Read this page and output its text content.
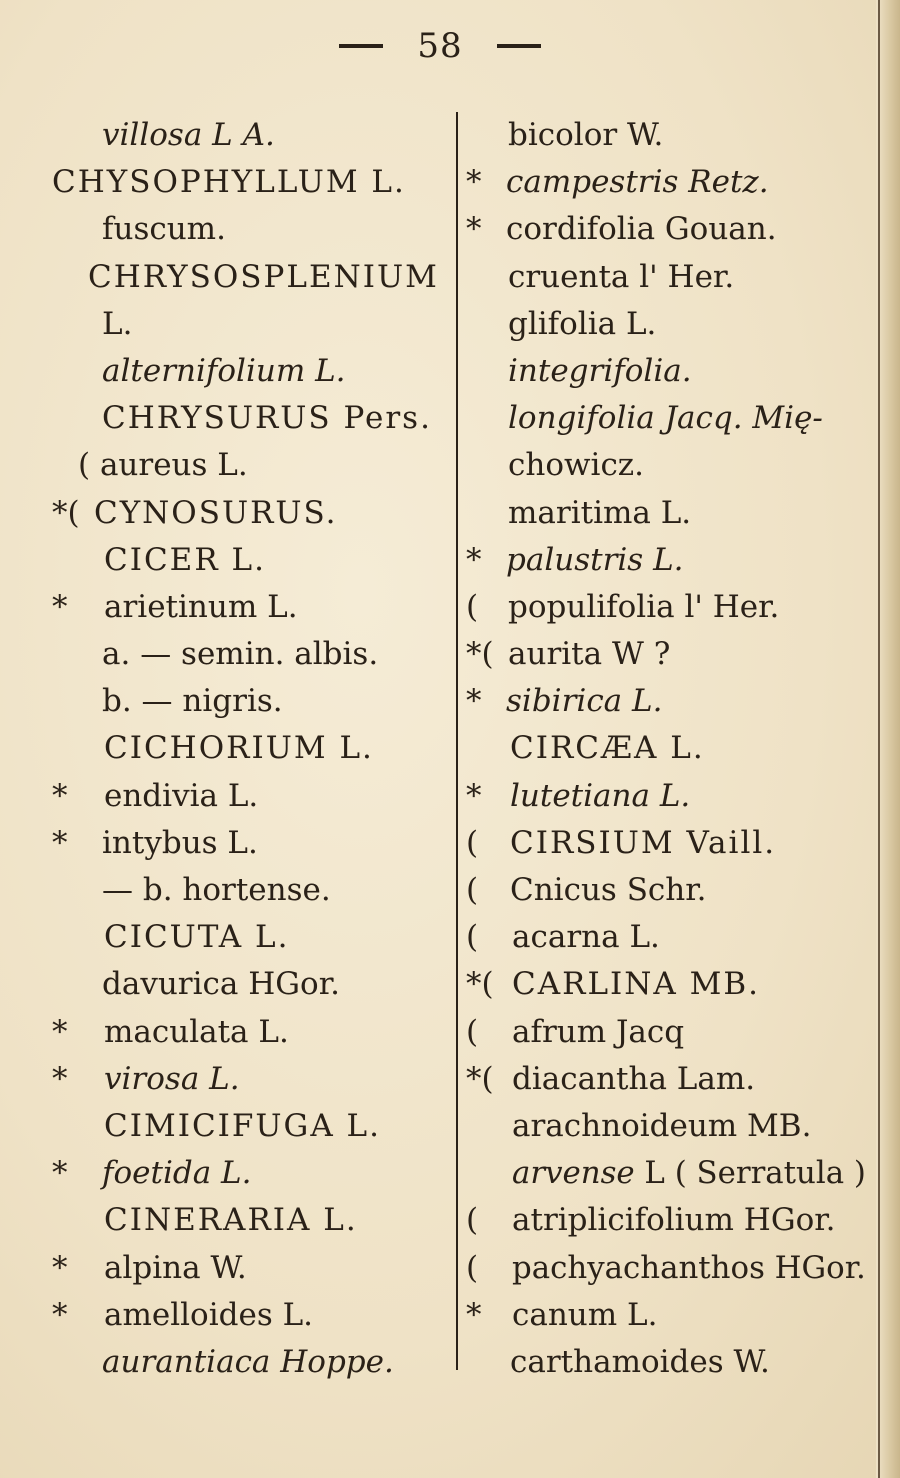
58
villosa L A.
CHYSOPHYLLUM L.
fuscum.
CHRYSOSPLENIUM
L.
alternifolium L.
CHRYSURUS Pers.
( aureus L.
*( CYNOSURUS.
CICER L.
*	arietinum L.
a. — semin. albis.
b. — nigris.
CICHORIUM L.
*	endivia L.
*	intybus L.
— b. hortense.
CICUTA L.
davurica HGor.
*	maculata L.
*	virosa L.
CIMICIFUGA L.
*	foetida L.
CINERARIA L.
*	alpina W.
*	amelloides L.
aurantiaca Hoppe.
bicolor W.
* campestris Retz.
* cordifolia Gouan.
cruenta l' Her.
glifolia L.
integrifolia.
longifolia Jacq. Mię-
chowicz.
maritima L.
* palustris L.
( populifolia l' Her.
*( aurita W ?
* sibirica L.
CIRCÆA L.
* lutetiana L.
(	CIRSIUM Vaill.
(	Cnicus Schr.
(	acarna L.
*( CARLINA MB.
(	afrum Jacq
*( diacantha Lam.
arachnoideum MB.
arvense L ( Serratula )
(	atriplicifolium HGor.
(	pachyachanthos HGor.
* canum L.
carthamoides W.
